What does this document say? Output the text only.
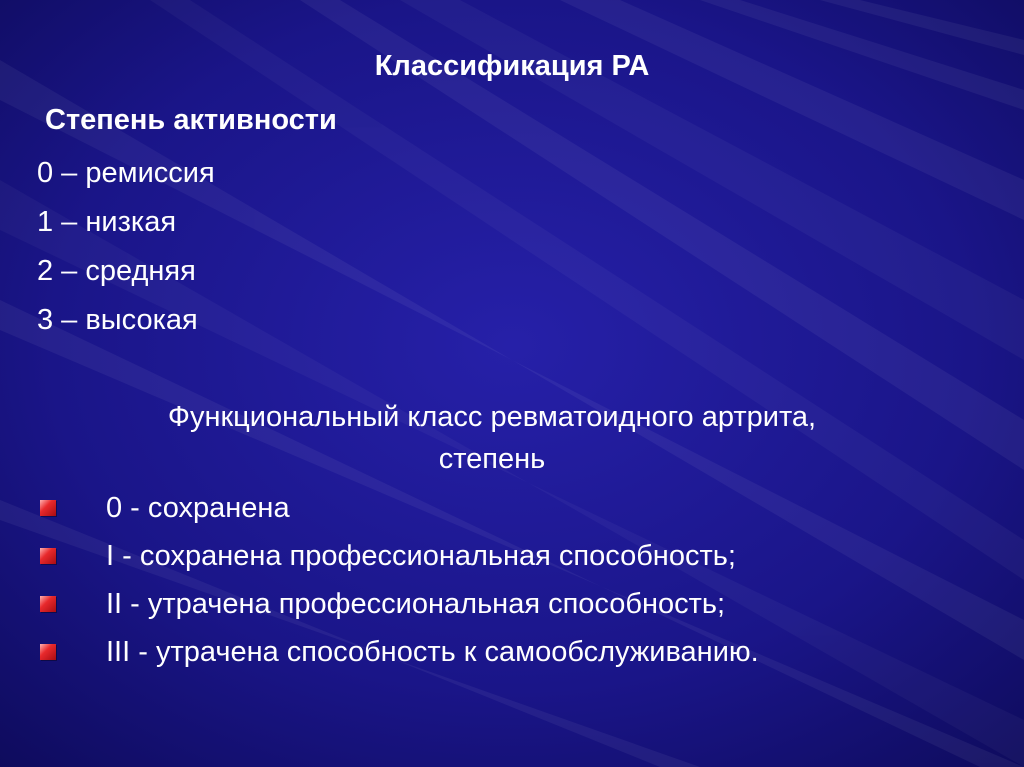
Классификация РА
Степень активности
0 – ремиссия
1 – низкая
2 – средняя
3 – высокая

Функциональный класс ревматоидного артрита,
степень

0 - сохранена
I - сохранена профессиональная способность;
II - утрачена профессиональная способность;
III - утрачена способность к самообслуживанию.
